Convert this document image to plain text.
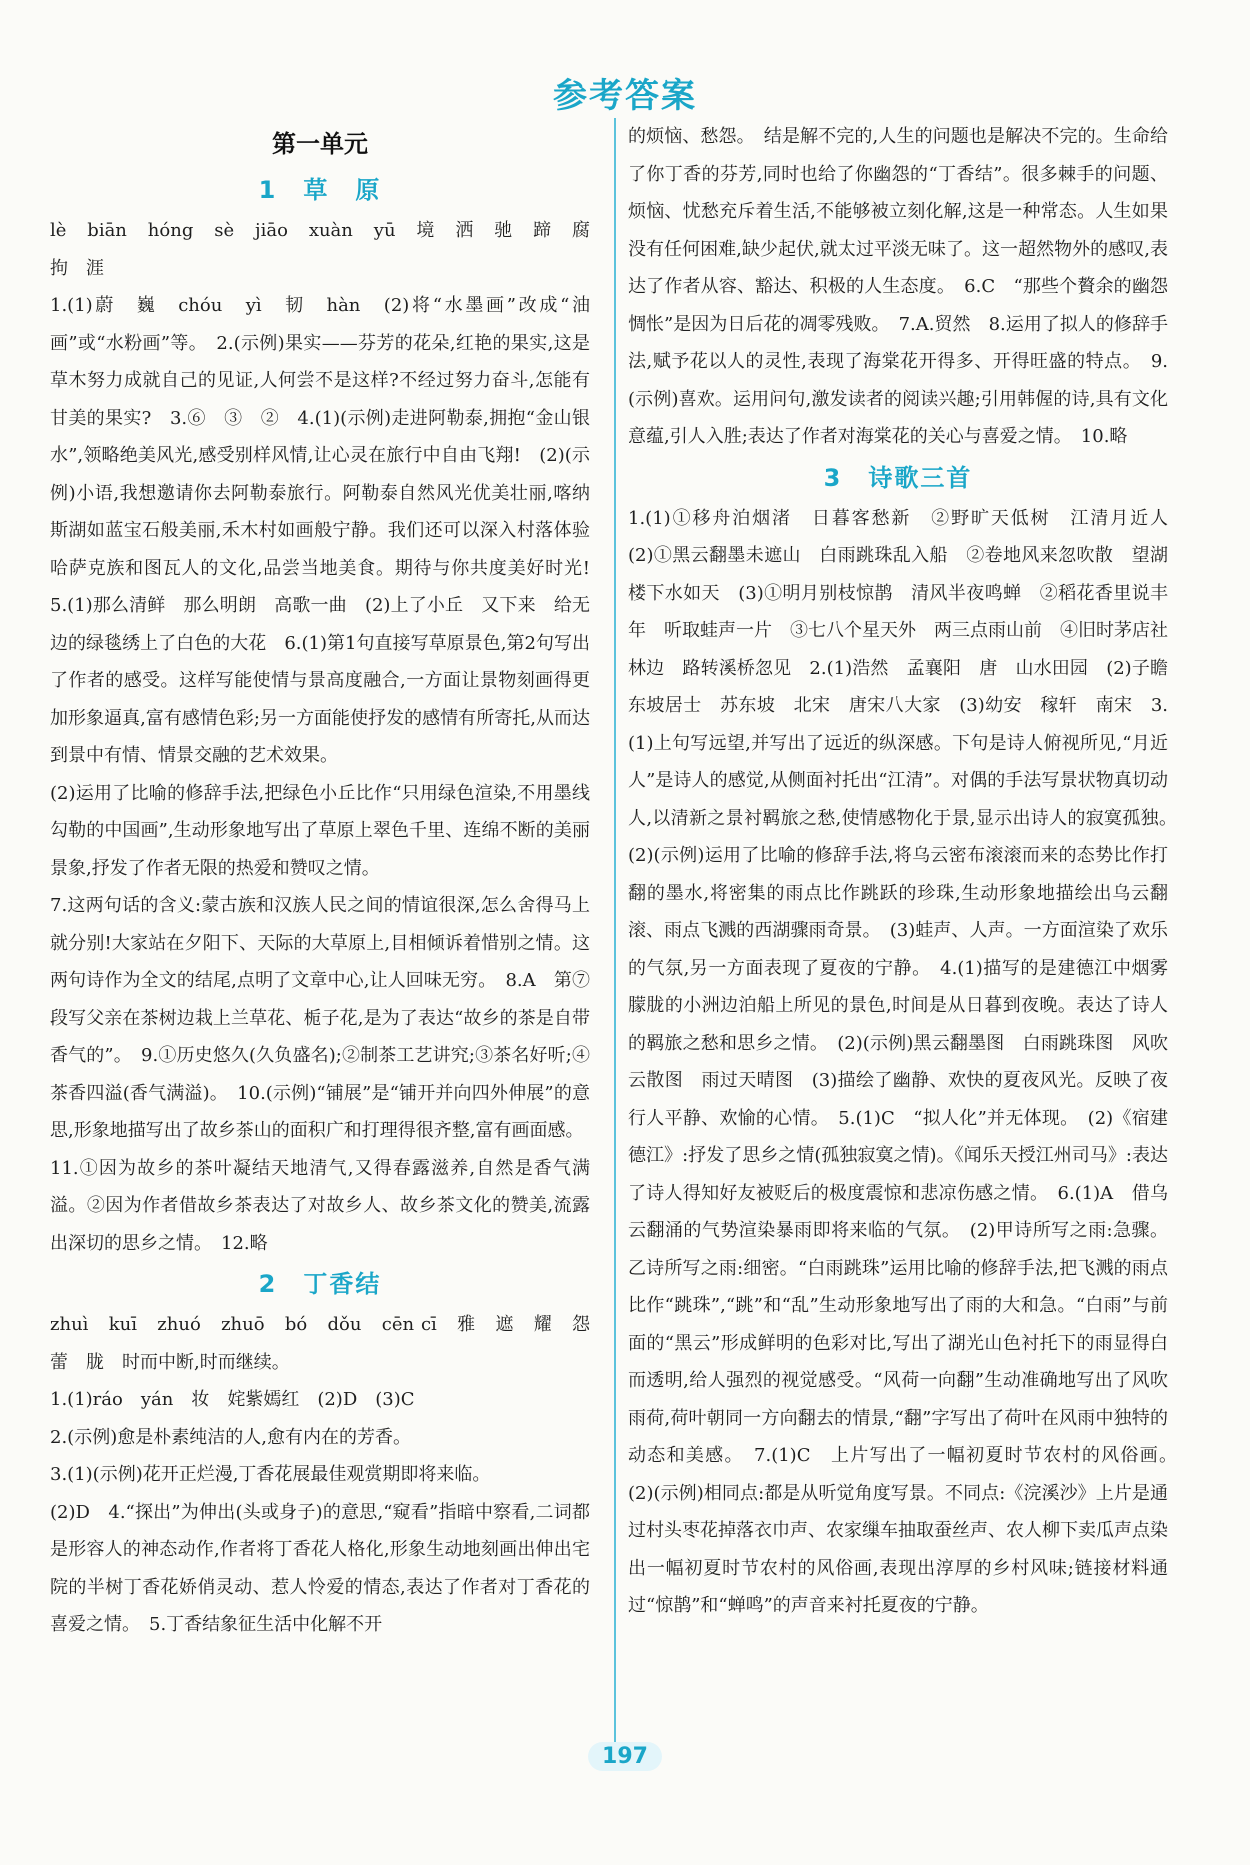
参考答案
第一单元
1　草　原

lè　biān　hóng　sè　jiāo　xuàn　yū　境　洒　驰　蹄　腐　拘　涯

1.(1)蔚　巍　chóu　yì　韧　hàn　(2)将“水墨画”改成“油画”或“水粉画”等。　2.(示例)果实——芬芳的花朵,红艳的果实,这是草木努力成就自己的见证,人何尝不是这样?不经过努力奋斗,怎能有甘美的果实?　3.⑥　③　②　4.(1)(示例)走进阿勒泰,拥抱“金山银水”,领略绝美风光,感受别样风情,让心灵在旅行中自由飞翔!　(2)(示例)小语,我想邀请你去阿勒泰旅行。阿勒泰自然风光优美壮丽,喀纳斯湖如蓝宝石般美丽,禾木村如画般宁静。我们还可以深入村落体验哈萨克族和图瓦人的文化,品尝当地美食。期待与你共度美好时光!　5.(1)那么清鲜　那么明朗　高歌一曲　(2)上了小丘　又下来　给无边的绿毯绣上了白色的大花　6.(1)第1句直接写草原景色,第2句写出了作者的感受。这样写能使情与景高度融合,一方面让景物刻画得更加形象逼真,富有感情色彩;另一方面能使抒发的感情有所寄托,从而达到景中有情、情景交融的艺术效果。

(2)运用了比喻的修辞手法,把绿色小丘比作“只用绿色渲染,不用墨线勾勒的中国画”,生动形象地写出了草原上翠色千里、连绵不断的美丽景象,抒发了作者无限的热爱和赞叹之情。

7.这两句话的含义:蒙古族和汉族人民之间的情谊很深,怎么舍得马上就分别!大家站在夕阳下、天际的大草原上,目相倾诉着惜别之情。这两句诗作为全文的结尾,点明了文章中心,让人回味无穷。　8.A　第⑦段写父亲在茶树边栽上兰草花、栀子花,是为了表达“故乡的茶是自带香气的”。　9.①历史悠久(久负盛名);②制茶工艺讲究;③茶名好听;④茶香四溢(香气满溢)。　10.(示例)“铺展”是“铺开并向四外伸展”的意思,形象地描写出了故乡茶山的面积广和打理得很齐整,富有画面感。

11.①因为故乡的茶叶凝结天地清气,又得春露滋养,自然是香气满溢。②因为作者借故乡茶表达了对故乡人、故乡茶文化的赞美,流露出深切的思乡之情。　12.略

2　丁香结

zhuì　kuī　zhuó　zhuō　bó　dǒu　cēn cī　雅　遮　耀　怨　蕾　胧　时而中断,时而继续。

1.(1)ráo　yán　妆　姹紫嫣红　(2)D　(3)C

2.(示例)愈是朴素纯洁的人,愈有内在的芳香。

3.(1)(示例)花开正烂漫,丁香花展最佳观赏期即将来临。

(2)D　4.“探出”为伸出(头或身子)的意思,“窥看”指暗中察看,二词都是形容人的神态动作,作者将丁香花人格化,形象生动地刻画出伸出宅院的半树丁香花娇俏灵动、惹人怜爱的情态,表达了作者对丁香花的喜爱之情。　5.丁香结象征生活中化解不开

的烦恼、愁怨。　结是解不完的,人生的问题也是解决不完的。生命给了你丁香的芬芳,同时也给了你幽怨的“丁香结”。很多棘手的问题、烦恼、忧愁充斥着生活,不能够被立刻化解,这是一种常态。人生如果没有任何困难,缺少起伏,就太过平淡无味了。这一超然物外的感叹,表达了作者从容、豁达、积极的人生态度。　6.C　“那些个贅余的幽怨惆怅”是因为日后花的凋零残败。　7.A.贸然　8.运用了拟人的修辞手法,赋予花以人的灵性,表现了海棠花开得多、开得旺盛的特点。　9.(示例)喜欢。运用问句,激发读者的阅读兴趣;引用韩偓的诗,具有文化意蕴,引人入胜;表达了作者对海棠花的关心与喜爱之情。　10.略

3　诗歌三首

1.(1)①移舟泊烟渚　日暮客愁新　②野旷天低树　江清月近人　(2)①黑云翻墨未遮山　白雨跳珠乱入船　②卷地风来忽吹散　望湖楼下水如天　(3)①明月别枝惊鹊　清风半夜鸣蝉　②稻花香里说丰年　听取蛙声一片　③七八个星天外　两三点雨山前　④旧时茅店社林边　路转溪桥忽见　2.(1)浩然　孟襄阳　唐　山水田园　(2)子瞻　东坡居士　苏东坡　北宋　唐宋八大家　(3)幼安　稼轩　南宋　3.(1)上句写远望,并写出了远近的纵深感。下句是诗人俯视所见,“月近人”是诗人的感觉,从侧面衬托出“江清”。对偶的手法写景状物真切动人,以清新之景衬羁旅之愁,使情感物化于景,显示出诗人的寂寞孤独。　(2)(示例)运用了比喻的修辞手法,将乌云密布滚滚而来的态势比作打翻的墨水,将密集的雨点比作跳跃的珍珠,生动形象地描绘出乌云翻滚、雨点飞溅的西湖骤雨奇景。　(3)蛙声、人声。一方面渲染了欢乐的气氛,另一方面表现了夏夜的宁静。　4.(1)描写的是建德江中烟雾朦胧的小洲边泊船上所见的景色,时间是从日暮到夜晚。表达了诗人的羁旅之愁和思乡之情。　(2)(示例)黑云翻墨图　白雨跳珠图　风吹云散图　雨过天晴图　(3)描绘了幽静、欢快的夏夜风光。反映了夜行人平静、欢愉的心情。　5.(1)C　“拟人化”并无体现。　(2)《宿建德江》:抒发了思乡之情(孤独寂寞之情)。《闻乐天授江州司马》:表达了诗人得知好友被贬后的极度震惊和悲凉伤感之情。　6.(1)A　借乌云翻涌的气势渲染暴雨即将来临的气氛。　(2)甲诗所写之雨:急骤。乙诗所写之雨:细密。“白雨跳珠”运用比喻的修辞手法,把飞溅的雨点比作“跳珠”,“跳”和“乱”生动形象地写出了雨的大和急。“白雨”与前面的“黑云”形成鲜明的色彩对比,写出了湖光山色衬托下的雨显得白而透明,给人强烈的视觉感受。“风荷一向翻”生动准确地写出了风吹雨荷,荷叶朝同一方向翻去的情景,“翻”字写出了荷叶在风雨中独特的动态和美感。　7.(1)C　上片写出了一幅初夏时节农村的风俗画。　(2)(示例)相同点:都是从听觉角度写景。不同点:《浣溪沙》上片是通过村头枣花掉落衣巾声、农家缫车抽取蚕丝声、农人柳下卖瓜声点染出一幅初夏时节农村的风俗画,表现出淳厚的乡村风味;链接材料通过“惊鹊”和“蝉鸣”的声音来衬托夏夜的宁静。

197
